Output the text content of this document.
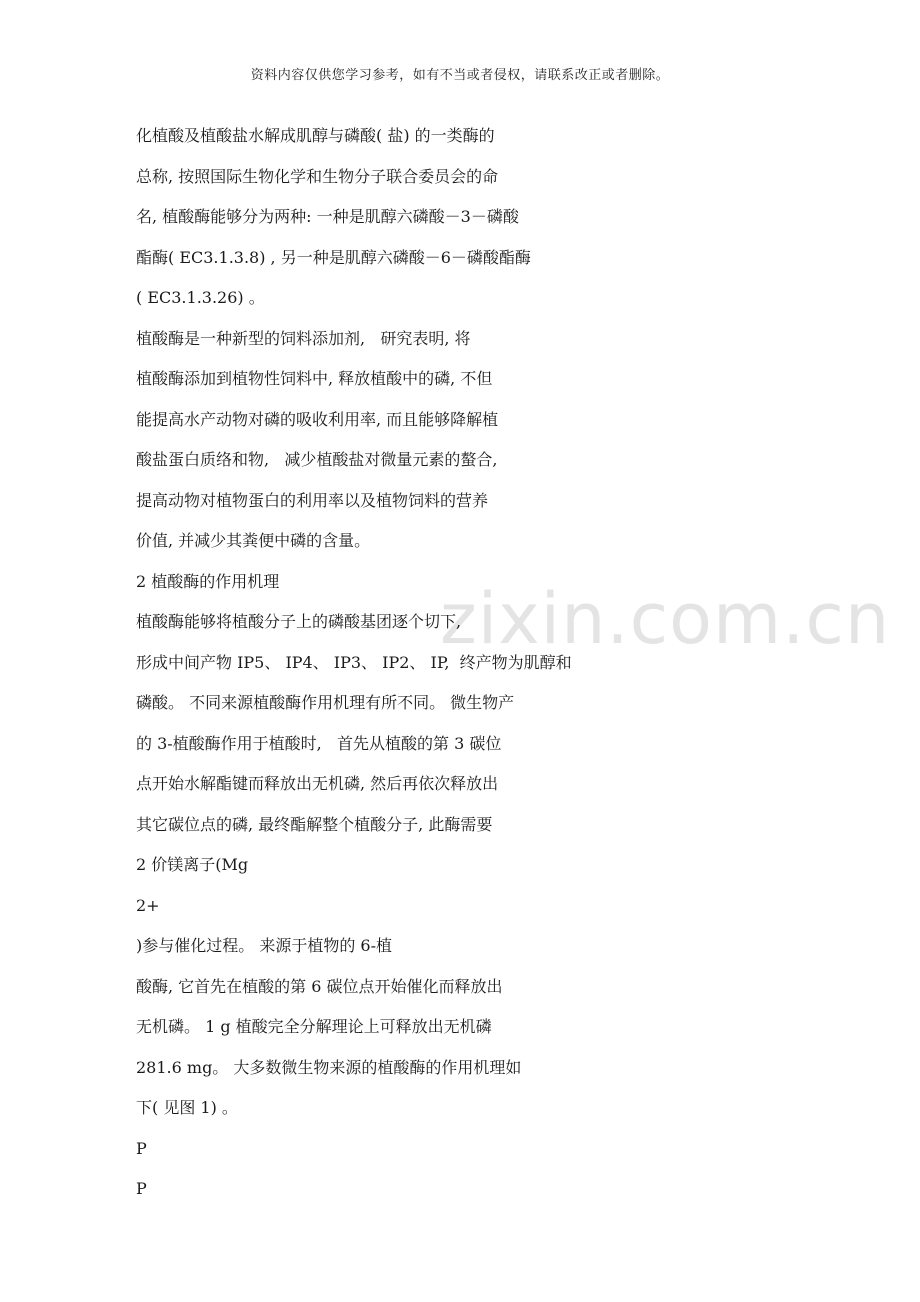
资料内容仅供您学习参考，如有不当或者侵权，请联系改正或者删除。
zixin.com.cn
化植酸及植酸盐水解成肌醇与磷酸( 盐) 的一类酶的
总称, 按照国际生物化学和生物分子联合委员会的命
名, 植酸酶能够分为两种: 一种是肌醇六磷酸－3－磷酸
酯酶( EC3.1.3.8) , 另一种是肌醇六磷酸－6－磷酸酯酶
( EC3.1.3.26) 。
植酸酶是一种新型的饲料添加剂,   研究表明, 将
植酸酶添加到植物性饲料中, 释放植酸中的磷, 不但
能提高水产动物对磷的吸收利用率, 而且能够降解植
酸盐蛋白质络和物,   减少植酸盐对微量元素的螯合,
提高动物对植物蛋白的利用率以及植物饲料的营养
价值, 并减少其粪便中磷的含量。
2 植酸酶的作用机理
植酸酶能够将植酸分子上的磷酸基团逐个切下,
形成中间产物 IP5、 IP4、 IP3、 IP2、 IP,  终产物为肌醇和
磷酸。 不同来源植酸酶作用机理有所不同。 微生物产
的 3-植酸酶作用于植酸时,   首先从植酸的第 3 碳位
点开始水解酯键而释放出无机磷, 然后再依次释放出
其它碳位点的磷, 最终酯解整个植酸分子, 此酶需要
2 价镁离子(Mg
2+
)参与催化过程。 来源于植物的 6-植
酸酶, 它首先在植酸的第 6 碳位点开始催化而释放出
无机磷。 1 g 植酸完全分解理论上可释放出无机磷
281.6 mg。 大多数微生物来源的植酸酶的作用机理如
下( 见图 1) 。
P
P
